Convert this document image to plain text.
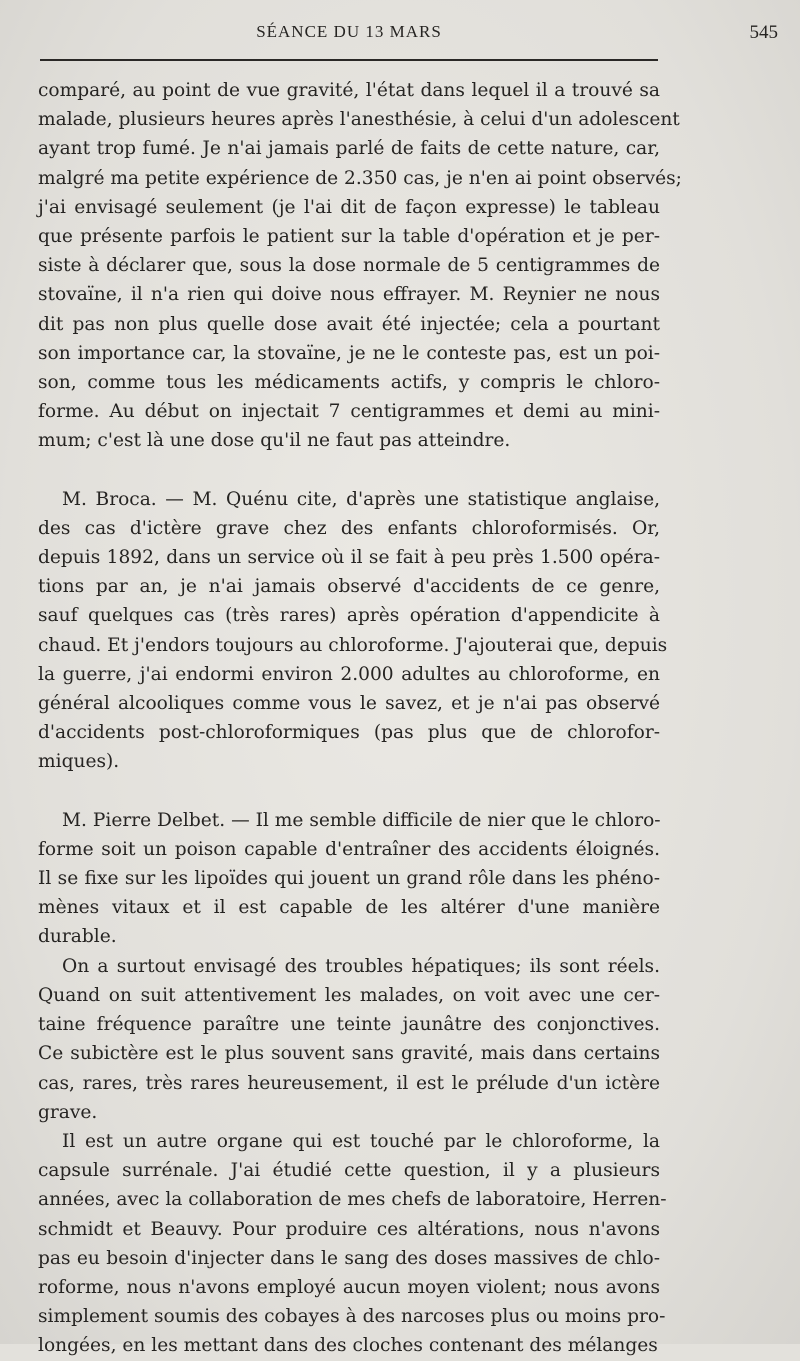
SÉANCE DU 13 MARS	545
comparé, au point de vue gravité, l'état dans lequel il a trouvé sa
malade, plusieurs heures après l'anesthésie, à celui d'un adolescent
ayant trop fumé. Je n'ai jamais parlé de faits de cette nature, car,
malgré ma petite expérience de 2.350 cas, je n'en ai point observés;
j'ai envisagé seulement (je l'ai dit de façon expresse) le tableau
que présente parfois le patient sur la table d'opération et je per-
siste à déclarer que, sous la dose normale de 5 centigrammes de
stovaïne, il n'a rien qui doive nous effrayer. M. Reynier ne nous
dit pas non plus quelle dose avait été injectée; cela a pourtant
son importance car, la stovaïne, je ne le conteste pas, est un poi-
son, comme tous les médicaments actifs, y compris le chloro-
forme. Au début on injectait 7 centigrammes et demi au mini-
mum; c'est là une dose qu'il ne faut pas atteindre.
M. Broca. — M. Quénu cite, d'après une statistique anglaise,
des cas d'ictère grave chez des enfants chloroformisés. Or,
depuis 1892, dans un service où il se fait à peu près 1.500 opéra-
tions par an, je n'ai jamais observé d'accidents de ce genre,
sauf quelques cas (très rares) après opération d'appendicite à
chaud. Et j'endors toujours au chloroforme. J'ajouterai que, depuis
la guerre, j'ai endormi environ 2.000 adultes au chloroforme, en
général alcooliques comme vous le savez, et je n'ai pas observé
d'accidents post-chloroformiques (pas plus que de chlorofor-
miques).
M. Pierre Delbet. — Il me semble difficile de nier que le chloro-
forme soit un poison capable d'entraîner des accidents éloignés.
Il se fixe sur les lipoïdes qui jouent un grand rôle dans les phéno-
mènes vitaux et il est capable de les altérer d'une manière
durable.
On a surtout envisagé des troubles hépatiques; ils sont réels.
Quand on suit attentivement les malades, on voit avec une cer-
taine fréquence paraître une teinte jaunâtre des conjonctives.
Ce subictère est le plus souvent sans gravité, mais dans certains
cas, rares, très rares heureusement, il est le prélude d'un ictère
grave.
Il est un autre organe qui est touché par le chloroforme, la
capsule surrénale. J'ai étudié cette question, il y a plusieurs
années, avec la collaboration de mes chefs de laboratoire, Herren-
schmidt et Beauvy. Pour produire ces altérations, nous n'avons
pas eu besoin d'injecter dans le sang des doses massives de chlo-
roforme, nous n'avons employé aucun moyen violent; nous avons
simplement soumis des cobayes à des narcoses plus ou moins pro-
longées, en les mettant dans des cloches contenant des mélanges
